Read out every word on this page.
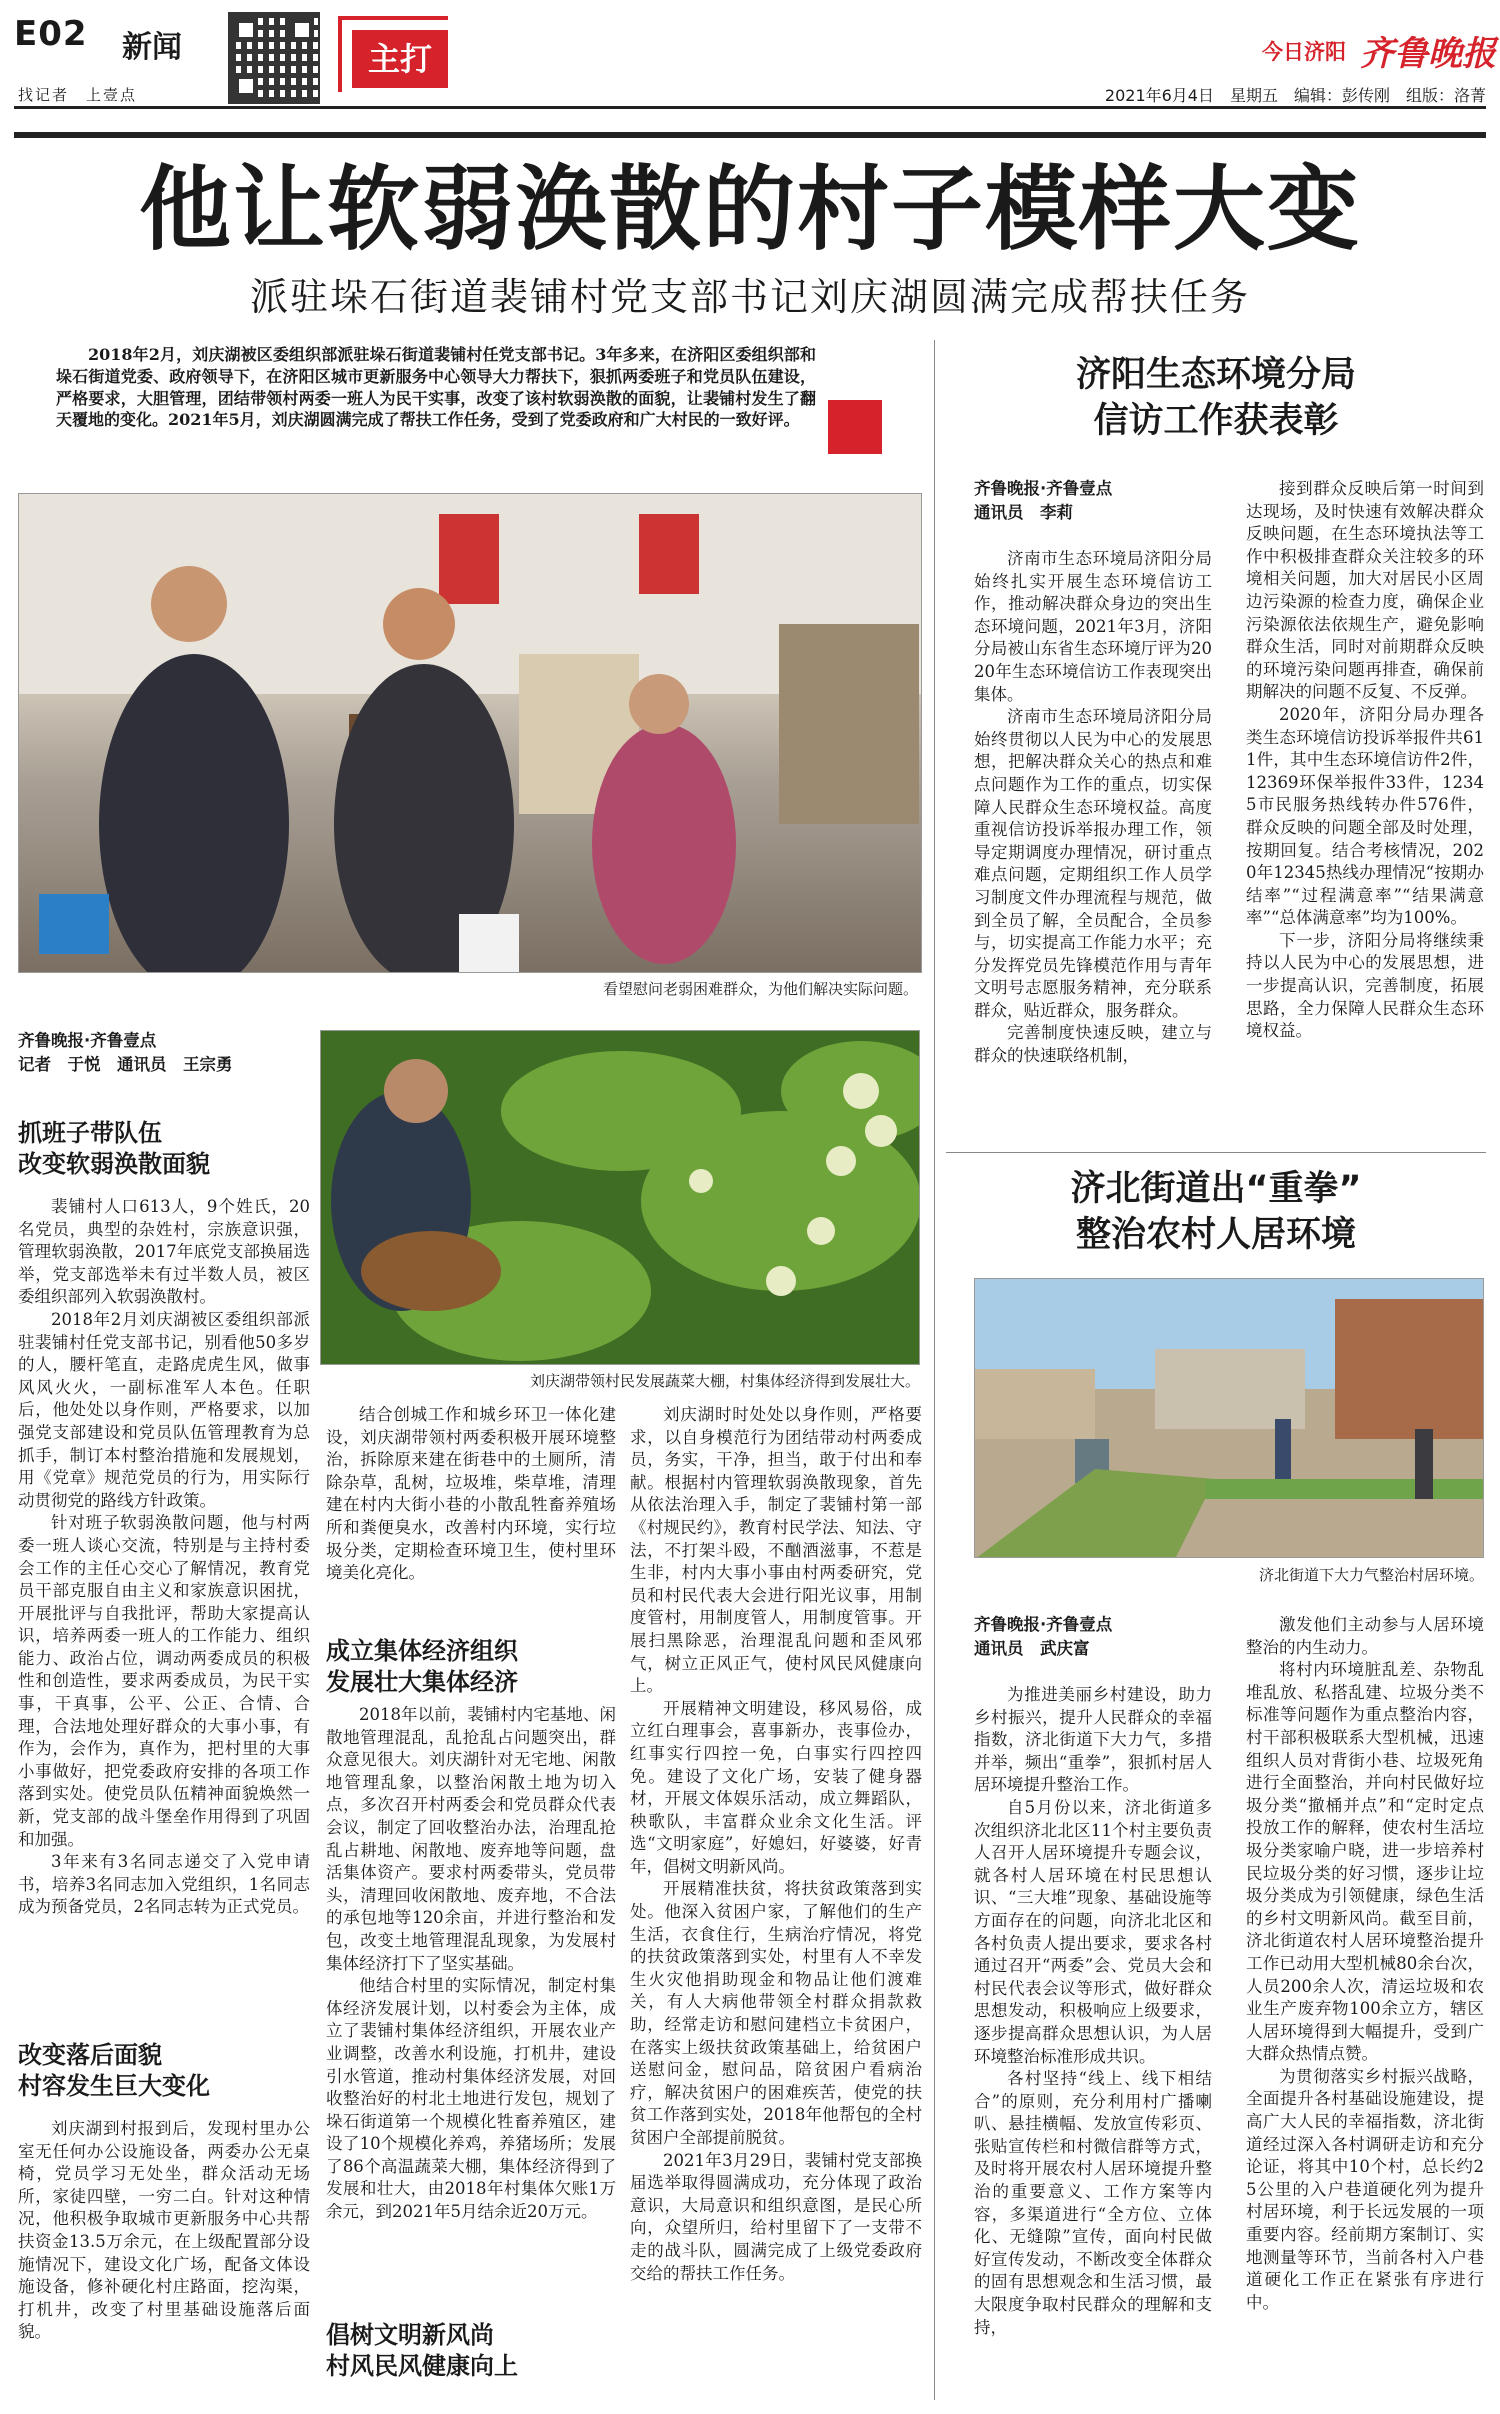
E02 新闻
找记者　上壹点
主打	今日济阳 齐鲁晚报
2021年6月4日　星期五　编辑：彭传刚　组版：洛菁
他让软弱涣散的村子模样大变
派驻垛石街道裴铺村党支部书记刘庆湖圆满完成帮扶任务
2018年2月，刘庆湖被区委组织部派驻垛石街道裴铺村任党支部书记。3年多来，在济阳区委组织部和垛石街道党委、政府领导下，在济阳区城市更新服务中心领导大力帮扶下，狠抓两委班子和党员队伍建设，严格要求，大胆管理，团结带领村两委一班人为民干实事，改变了该村软弱涣散的面貌，让裴铺村发生了翻天覆地的变化。2021年5月，刘庆湖圆满完成了帮扶工作任务，受到了党委政府和广大村民的一致好评。
看望慰问老弱困难群众，为他们解决实际问题。
齐鲁晚报·齐鲁壹点
记者　于悦　通讯员　王宗勇
刘庆湖带领村民发展蔬菜大棚，村集体经济得到发展壮大。
抓班子带队伍
改变软弱涣散面貌
裴铺村人口613人，9个姓氏，20名党员，典型的杂姓村，宗族意识强，管理软弱涣散，2017年底党支部换届选举，党支部选举未有过半数人员，被区委组织部列入软弱涣散村。
2018年2月刘庆湖被区委组织部派驻裴铺村任党支部书记，别看他50多岁的人，腰杆笔直，走路虎虎生风，做事风风火火，一副标准军人本色。任职后，他处处以身作则，严格要求，以加强党支部建设和党员队伍管理教育为总抓手，制订本村整治措施和发展规划，用《党章》规范党员的行为，用实际行动贯彻党的路线方针政策。
针对班子软弱涣散问题，他与村两委一班人谈心交流，特别是与主持村委会工作的主任心交心了解情况，教育党员干部克服自由主义和家族意识困扰，开展批评与自我批评，帮助大家提高认识，培养两委一班人的工作能力、组织能力、政治占位，调动两委成员的积极性和创造性，要求两委成员，为民干实事，干真事，公平、公正、合情、合理，合法地处理好群众的大事小事，有作为，会作为，真作为，把村里的大事小事做好，把党委政府安排的各项工作落到实处。使党员队伍精神面貌焕然一新，党支部的战斗堡垒作用得到了巩固和加强。
3年来有3名同志递交了入党申请书，培养3名同志加入党组织，1名同志成为预备党员，2名同志转为正式党员。
改变落后面貌
村容发生巨大变化
刘庆湖到村报到后，发现村里办公室无任何办公设施设备，两委办公无桌椅，党员学习无处坐，群众活动无场所，家徒四壁，一穷二白。针对这种情况，他积极争取城市更新服务中心共帮扶资金13.5万余元，在上级配置部分设施情况下，建设文化广场，配备文体设施设备，修补硬化村庄路面，挖沟渠，打机井，改变了村里基础设施落后面貌。
结合创城工作和城乡环卫一体化建设，刘庆湖带领村两委积极开展环境整治，拆除原来建在街巷中的土厕所，清除杂草，乱树，垃圾堆，柴草堆，清理建在村内大街小巷的小散乱牲畜养殖场所和粪便臭水，改善村内环境，实行垃圾分类，定期检查环境卫生，使村里环境美化亮化。
成立集体经济组织
发展壮大集体经济
2018年以前，裴铺村内宅基地、闲散地管理混乱，乱抢乱占问题突出，群众意见很大。刘庆湖针对无宅地、闲散地管理乱象，以整治闲散土地为切入点，多次召开村两委会和党员群众代表会议，制定了回收整治办法，治理乱抢乱占耕地、闲散地、废弃地等问题，盘活集体资产。要求村两委带头，党员带头，清理回收闲散地、废弃地，不合法的承包地等120余亩，并进行整治和发包，改变土地管理混乱现象，为发展村集体经济打下了坚实基础。
他结合村里的实际情况，制定村集体经济发展计划，以村委会为主体，成立了裴铺村集体经济组织，开展农业产业调整，改善水利设施，打机井，建设引水管道，推动村集体经济发展，对回收整治好的村北土地进行发包，规划了垛石街道第一个规模化牲畜养殖区，建设了10个规模化养鸡，养猪场所；发展了86个高温蔬菜大棚，集体经济得到了发展和壮大，由2018年村集体欠账1万余元，到2021年5月结余近20万元。
倡树文明新风尚
村风民风健康向上
刘庆湖时时处处以身作则，严格要求，以自身模范行为团结带动村两委成员，务实，干净，担当，敢于付出和奉献。根据村内管理软弱涣散现象，首先从依法治理入手，制定了裴铺村第一部《村规民约》，教育村民学法、知法、守法，不打架斗殴，不酗酒滋事，不惹是生非，村内大事小事由村两委研究，党员和村民代表大会进行阳光议事，用制度管村，用制度管人，用制度管事。开展扫黑除恶，治理混乱问题和歪风邪气，树立正风正气，使村风民风健康向上。
开展精神文明建设，移风易俗，成立红白理事会，喜事新办，丧事俭办，红事实行四控一免，白事实行四控四免。建设了文化广场，安装了健身器材，开展文体娱乐活动，成立舞蹈队，秧歌队，丰富群众业余文化生活。评选“文明家庭”，好媳妇，好婆婆，好青年，倡树文明新风尚。
开展精准扶贫，将扶贫政策落到实处。他深入贫困户家，了解他们的生产生活，衣食住行，生病治疗情况，将党的扶贫政策落到实处，村里有人不幸发生火灾他捐助现金和物品让他们渡难关，有人大病他带领全村群众捐款救助，经常走访和慰问建档立卡贫困户，在落实上级扶贫政策基础上，给贫困户送慰问金，慰问品，陪贫困户看病治疗，解决贫困户的困难疾苦，使党的扶贫工作落到实处，2018年他帮包的全村贫困户全部提前脱贫。
2021年3月29日，裴铺村党支部换届选举取得圆满成功，充分体现了政治意识，大局意识和组织意图，是民心所向，众望所归，给村里留下了一支带不走的战斗队，圆满完成了上级党委政府交给的帮扶工作任务。
济阳生态环境分局
信访工作获表彰
齐鲁晚报·齐鲁壹点
通讯员　李莉
济南市生态环境局济阳分局始终扎实开展生态环境信访工作，推动解决群众身边的突出生态环境问题，2021年3月，济阳分局被山东省生态环境厅评为2020年生态环境信访工作表现突出集体。
济南市生态环境局济阳分局始终贯彻以人民为中心的发展思想，把解决群众关心的热点和难点问题作为工作的重点，切实保障人民群众生态环境权益。高度重视信访投诉举报办理工作，领导定期调度办理情况，研讨重点难点问题，定期组织工作人员学习制度文件办理流程与规范，做到全员了解，全员配合，全员参与，切实提高工作能力水平；充分发挥党员先锋模范作用与青年文明号志愿服务精神，充分联系群众，贴近群众，服务群众。
完善制度快速反映，建立与群众的快速联络机制，
接到群众反映后第一时间到达现场，及时快速有效解决群众反映问题，在生态环境执法等工作中积极排查群众关注较多的环境相关问题，加大对居民小区周边污染源的检查力度，确保企业污染源依法依规生产，避免影响群众生活，同时对前期群众反映的环境污染问题再排查，确保前期解决的问题不反复、不反弹。
2020年，济阳分局办理各类生态环境信访投诉举报件共611件，其中生态环境信访件2件，12369环保举报件33件，12345市民服务热线转办件576件，群众反映的问题全部及时处理，按期回复。结合考核情况，2020年12345热线办理情况“按期办结率”“过程满意率”“结果满意率”“总体满意率”均为100%。
下一步，济阳分局将继续秉持以人民为中心的发展思想，进一步提高认识，完善制度，拓展思路，全力保障人民群众生态环境权益。
济北街道出“重拳”
整治农村人居环境
济北街道下大力气整治村居环境。
齐鲁晚报·齐鲁壹点
通讯员　武庆富
为推进美丽乡村建设，助力乡村振兴，提升人民群众的幸福指数，济北街道下大力气，多措并举，频出“重拳”，狠抓村居人居环境提升整治工作。
自5月份以来，济北街道多次组织济北北区11个村主要负责人召开人居环境提升专题会议，就各村人居环境在村民思想认识、“三大堆”现象、基础设施等方面存在的问题，向济北北区和各村负责人提出要求，要求各村通过召开“两委”会、党员大会和村民代表会议等形式，做好群众思想发动，积极响应上级要求，逐步提高群众思想认识，为人居环境整治标准形成共识。
各村坚持“线上、线下相结合”的原则，充分利用村广播喇叭、悬挂横幅、发放宣传彩页、张贴宣传栏和村微信群等方式，及时将开展农村人居环境提升整治的重要意义、工作方案等内容，多渠道进行“全方位、立体化、无缝隙”宣传，面向村民做好宣传发动，不断改变全体群众的固有思想观念和生活习惯，最大限度争取村民群众的理解和支持，
激发他们主动参与人居环境整治的内生动力。
将村内环境脏乱差、杂物乱堆乱放、私搭乱建、垃圾分类不标准等问题作为重点整治内容，村干部积极联系大型机械，迅速组织人员对背街小巷、垃圾死角进行全面整治，并向村民做好垃圾分类“撤桶并点”和“定时定点投放工作的解释，使农村生活垃圾分类家喻户晓，进一步培养村民垃圾分类的好习惯，逐步让垃圾分类成为引领健康，绿色生活的乡村文明新风尚。截至目前，济北街道农村人居环境整治提升工作已动用大型机械80余台次，人员200余人次，清运垃圾和农业生产废弃物100余立方，辖区人居环境得到大幅提升，受到广大群众热情点赞。
为贯彻落实乡村振兴战略，全面提升各村基础设施建设，提高广大人民的幸福指数，济北街道经过深入各村调研走访和充分论证，将其中10个村，总长约25公里的入户巷道硬化列为提升村居环境，利于长远发展的一项重要内容。经前期方案制订、实地测量等环节，当前各村入户巷道硬化工作正在紧张有序进行中。
